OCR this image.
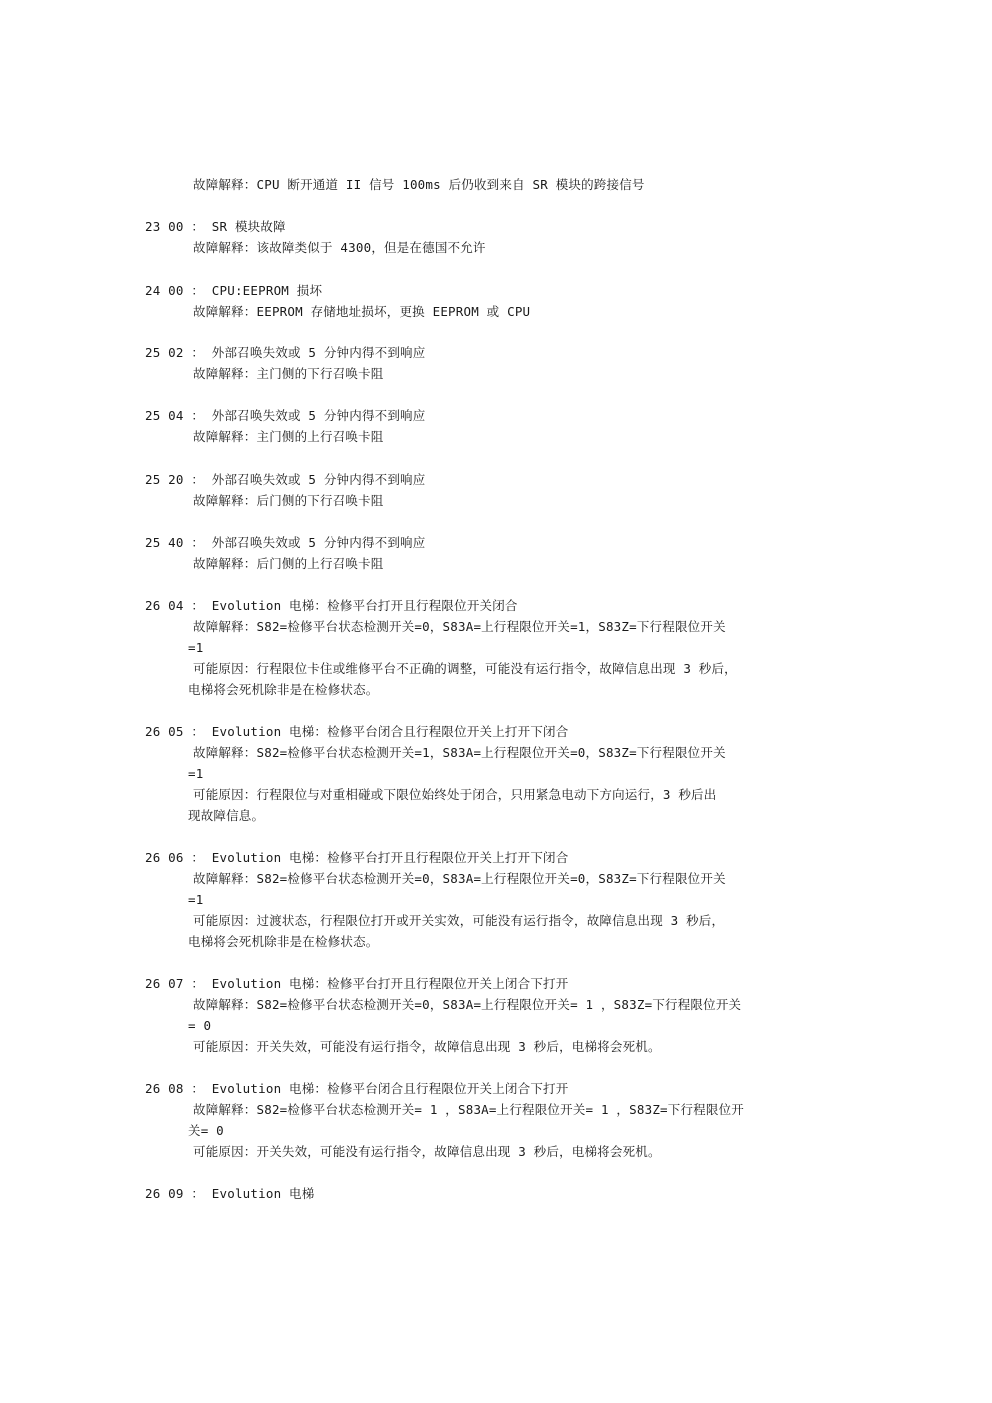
故障解释：CPU 断开通道 II 信号 100ms 后仍收到来自 SR 模块的跨接信号
23 00 ： SR 模块故障
故障解释：该故障类似于 4300，但是在德国不允许
24 00 ： CPU:EEPROM 损坏
故障解释：EEPROM 存储地址损坏，更换 EEPROM 或 CPU
25 02 ： 外部召唤失效或 5 分钟内得不到响应
故障解释：主门侧的下行召唤卡阻
25 04 ： 外部召唤失效或 5 分钟内得不到响应
故障解释：主门侧的上行召唤卡阻
25 20 ： 外部召唤失效或 5 分钟内得不到响应
故障解释：后门侧的下行召唤卡阻
25 40 ： 外部召唤失效或 5 分钟内得不到响应
故障解释：后门侧的上行召唤卡阻
26 04 ： Evolution 电梯：检修平台打开且行程限位开关闭合
故障解释：S82=检修平台状态检测开关=0，S83A=上行程限位开关=1，S83Z=下行程限位开关
=1
可能原因：行程限位卡住或维修平台不正确的调整，可能没有运行指令，故障信息出现 3 秒后，
电梯将会死机除非是在检修状态。
26 05 ： Evolution 电梯：检修平台闭合且行程限位开关上打开下闭合
故障解释：S82=检修平台状态检测开关=1，S83A=上行程限位开关=0，S83Z=下行程限位开关
=1
可能原因：行程限位与对重相碰或下限位始终处于闭合，只用紧急电动下方向运行，3 秒后出
现故障信息。
26 06 ： Evolution 电梯：检修平台打开且行程限位开关上打开下闭合
故障解释：S82=检修平台状态检测开关=0，S83A=上行程限位开关=0，S83Z=下行程限位开关
=1
可能原因：过渡状态，行程限位打开或开关实效，可能没有运行指令，故障信息出现 3 秒后，
电梯将会死机除非是在检修状态。
26 07 ： Evolution 电梯：检修平台打开且行程限位开关上闭合下打开
故障解释：S82=检修平台状态检测开关=0，S83A=上行程限位开关= 1 ，S83Z=下行程限位开关
= 0
可能原因：开关失效，可能没有运行指令，故障信息出现 3 秒后，电梯将会死机。
26 08 ： Evolution 电梯：检修平台闭合且行程限位开关上闭合下打开
故障解释：S82=检修平台状态检测开关= 1 ，S83A=上行程限位开关= 1 ，S83Z=下行程限位开
关= 0
可能原因：开关失效，可能没有运行指令，故障信息出现 3 秒后，电梯将会死机。
26 09 ： Evolution 电梯
